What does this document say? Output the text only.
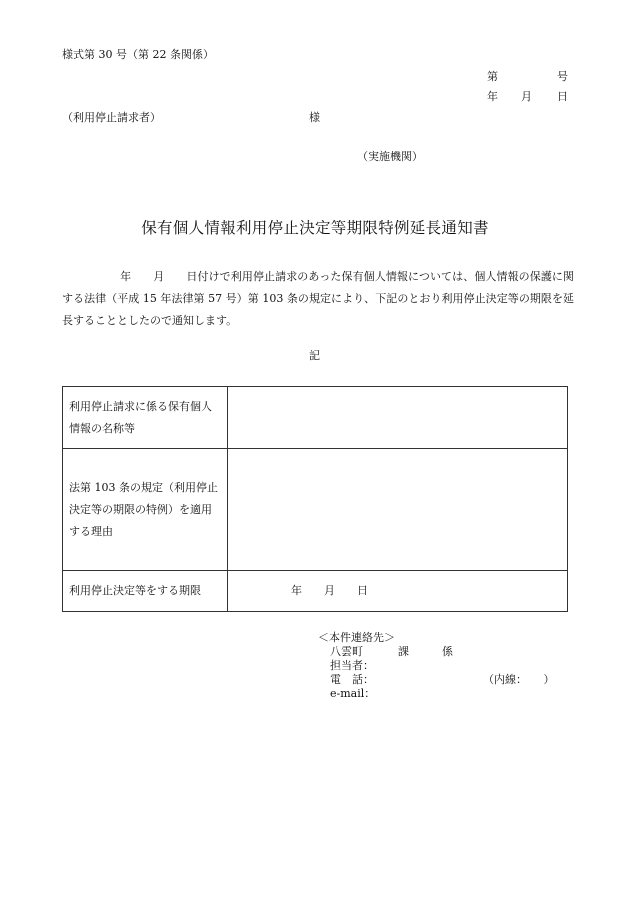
様式第 30 号（第 22 条関係）
第	号
年 月 日
（利用停止請求者）	様
（実施機関）
保有個人情報利用停止決定等期限特例延長通知書
年 月 日付けで利用停止請求のあった保有個人情報については、個人情報の保護に関する法律（平成 15 年法律第 57 号）第 103 条の規定により、下記のとおり利用停止決定等の期限を延長することとしたので通知します。
記
利用停止請求に係る保有個人情報の名称等	
法第 103 条の規定（利用停止決定等の期限の特例）を適用する理由	
利用停止決定等をする期限	年 月 日
＜本件連絡先＞
八雲町	課	係
担当者：
電　話：	（内線：　　）
e-mail：
